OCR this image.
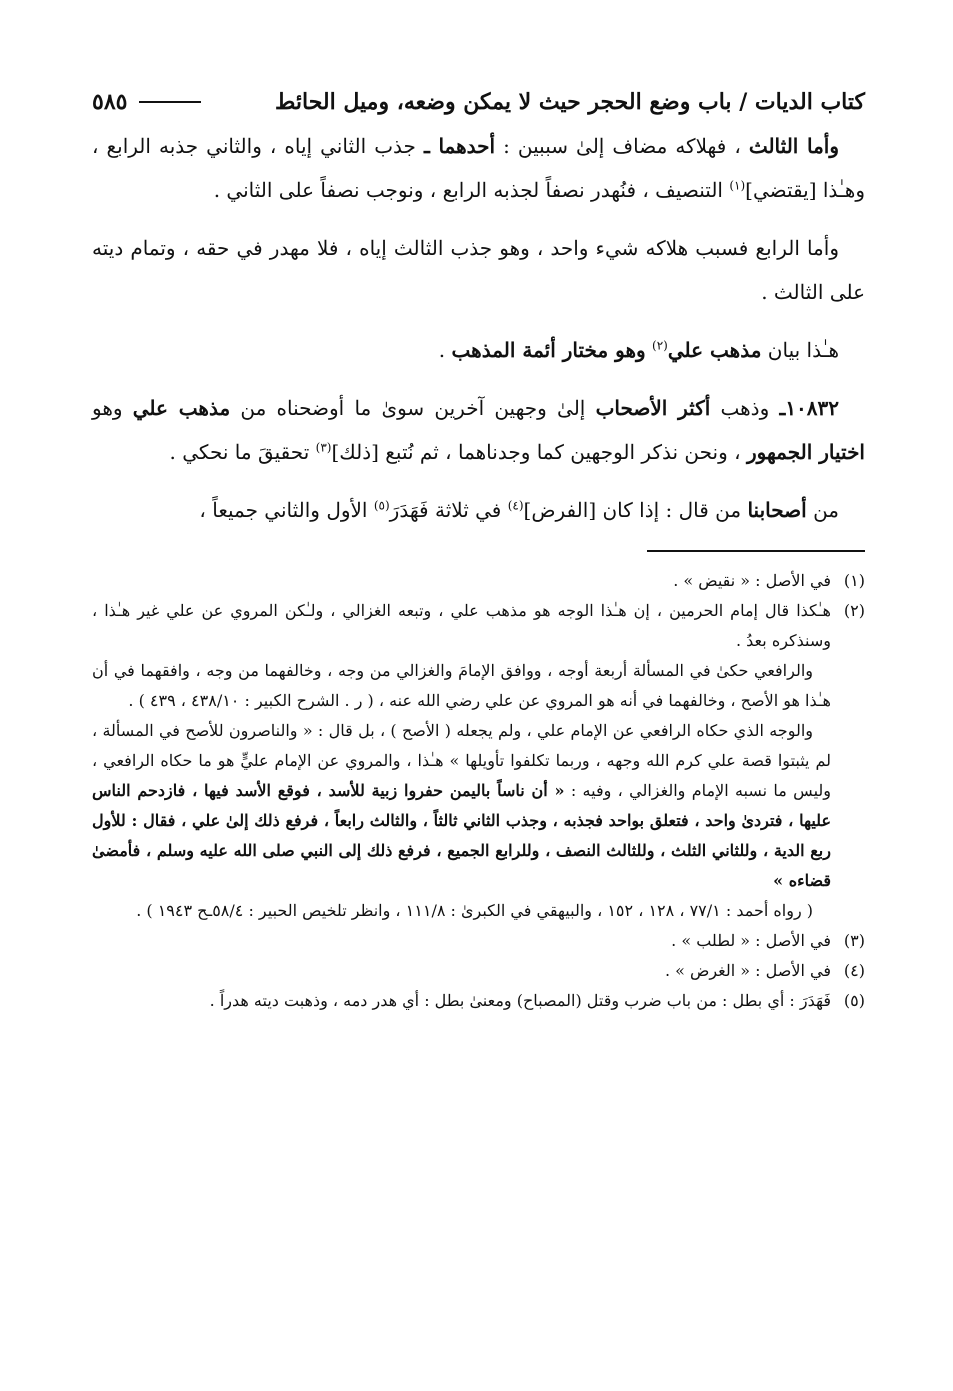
كتاب الديات / باب وضع الحجر حيث لا يمكن وضعه، وميل الحائط
٥٨٥

وأما الثالث ، فهلاكه مضاف إلىٰ سببين : أحدهما ـ جذب الثاني إياه ، والثاني جذبه الرابع ، وهـٰذا [يقتضي]$^{(١)}$ التنصيف ، فنُهدر نصفاً لجذبه الرابع ، ونوجب نصفاً على الثاني .

وأما الرابع فسبب هلاكه شيء واحد ، وهو جذب الثالث إياه ، فلا مهدر في حقه ، وتمام ديته على الثالث .

هـٰذا بيان مذهب علي$^{(٢)}$ وهو مختار أئمة المذهب .

١٠٨٣٢ـ وذهب أكثر الأصحاب إلىٰ وجهين آخرين سوىٰ ما أوضحناه من مذهب علي وهو اختيار الجمهور ، ونحن نذكر الوجهين كما وجدناهما ، ثم نُتبع [ذلك]$^{(٣)}$ تحقيقَ ما نحكي .

من أصحابنا من قال : إذا كان [الفرض]$^{(٤)}$ في ثلاثة فَهَدَرَ$^{(٥)}$ الأول والثاني جميعاً ،

(١)
في الأصل : « نقيض » .
(٢)
هـٰكذا قال إمام الحرمين ، إن هـٰذا الوجه هو مذهب علي ، وتبعه الغزالي ، ولـٰكن المروي عن علي غير هـٰذا ، وسنذكره بعدُ .
والرافعي حكىٰ في المسألة أربعة أوجه ، ووافق الإمامَ والغزالي من وجه ، وخالفهما من وجه ، وافقهما في أن هـٰذا هو الأصح ، وخالفهما في أنه هو المروي عن علي رضي الله عنه ، ( ر . الشرح الكبير : ٤٣٨/١٠ ، ٤٣٩ ) .
والوجه الذي حكاه الرافعي عن الإمام علي ، ولم يجعله ( الأصح ) ، بل قال : « والناصرون للأصح في المسألة ، لم يثبتوا قصة علي كرم الله وجهه ، وربما تكلفوا تأويلها » هـٰذا ، والمروي عن الإمام عليٍّ هو ما حكاه الرافعي ، وليس ما نسبه الإمام والغزالي ، وفيه : « أن ناساً باليمن حفروا زبية للأسد ، فوقع الأسد فيها ، فازدحم الناس عليها ، فتردىٰ واحد ، فتعلق بواحد فجذبه ، وجذب الثاني ثالثاً ، والثالث رابعاً ، فرفع ذلك إلىٰ علي ، فقال : للأول ربع الدية ، وللثاني الثلث ، وللثالث النصف ، وللرابع الجميع ، فرفع ذلك إلى النبي صلى الله عليه وسلم ، فأمضىٰ قضاءه »
( رواه أحمد : ٧٧/١ ، ١٢٨ ، ١٥٢ ، والبيهقي في الكبرىٰ : ١١١/٨ ، وانظر تلخيص الحبير : ٥٨/٤ـح ١٩٤٣ ) .
(٣)
في الأصل : « لطلب » .
(٤)
في الأصل : « الغرض » .
(٥)
فَهَدَرَ : أي بطل : من باب ضرب وقتل (المصباح) ومعنىٰ بطل : أي هدر دمه ، وذهبت ديته هدراً .
